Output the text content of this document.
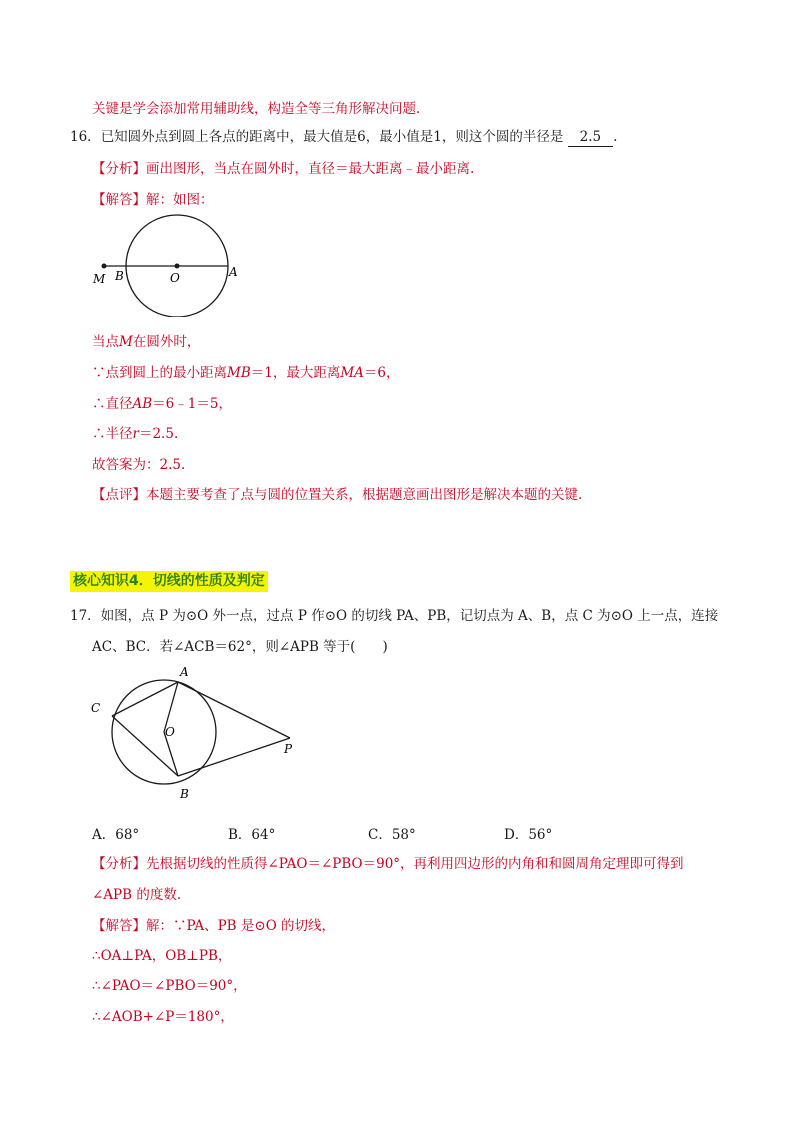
关键是学会添加常用辅助线，构造全等三角形解决问题.
16．已知圆外点到圆上各点的距离中，最大值是6，最小值是1，则这个圆的半径是 2.5 .
【分析】画出图形，当点在圆外时，直径＝最大距离﹣最小距离.
【解答】解：如图：
M B	O	A
当点M在圆外时，
∵点到圆上的最小距离MB＝1，最大距离MA＝6，
∴直径AB＝6﹣1＝5，
∴半径r＝2.5.
故答案为：2.5.
【点评】本题主要考查了点与圆的位置关系，根据题意画出图形是解决本题的关键.
核心知识4．切线的性质及判定
17．如图，点 P 为⊙O 外一点，过点 P 作⊙O 的切线 PA、PB，记切点为 A、B，点 C 为⊙O 上一点，连接
AC、BC．若∠ACB＝62°，则∠APB 等于(　　)
A
C
O
P
B
A．68°	B．64°	C．58°	D．56°
【分析】先根据切线的性质得∠PAO＝∠PBO＝90°，再利用四边形的内角和和圆周角定理即可得到
∠APB 的度数.
【解答】解：∵PA、PB 是⊙O 的切线，
∴OA⊥PA，OB⊥PB，
∴∠PAO＝∠PBO＝90°，
∴∠AOB+∠P＝180°，
